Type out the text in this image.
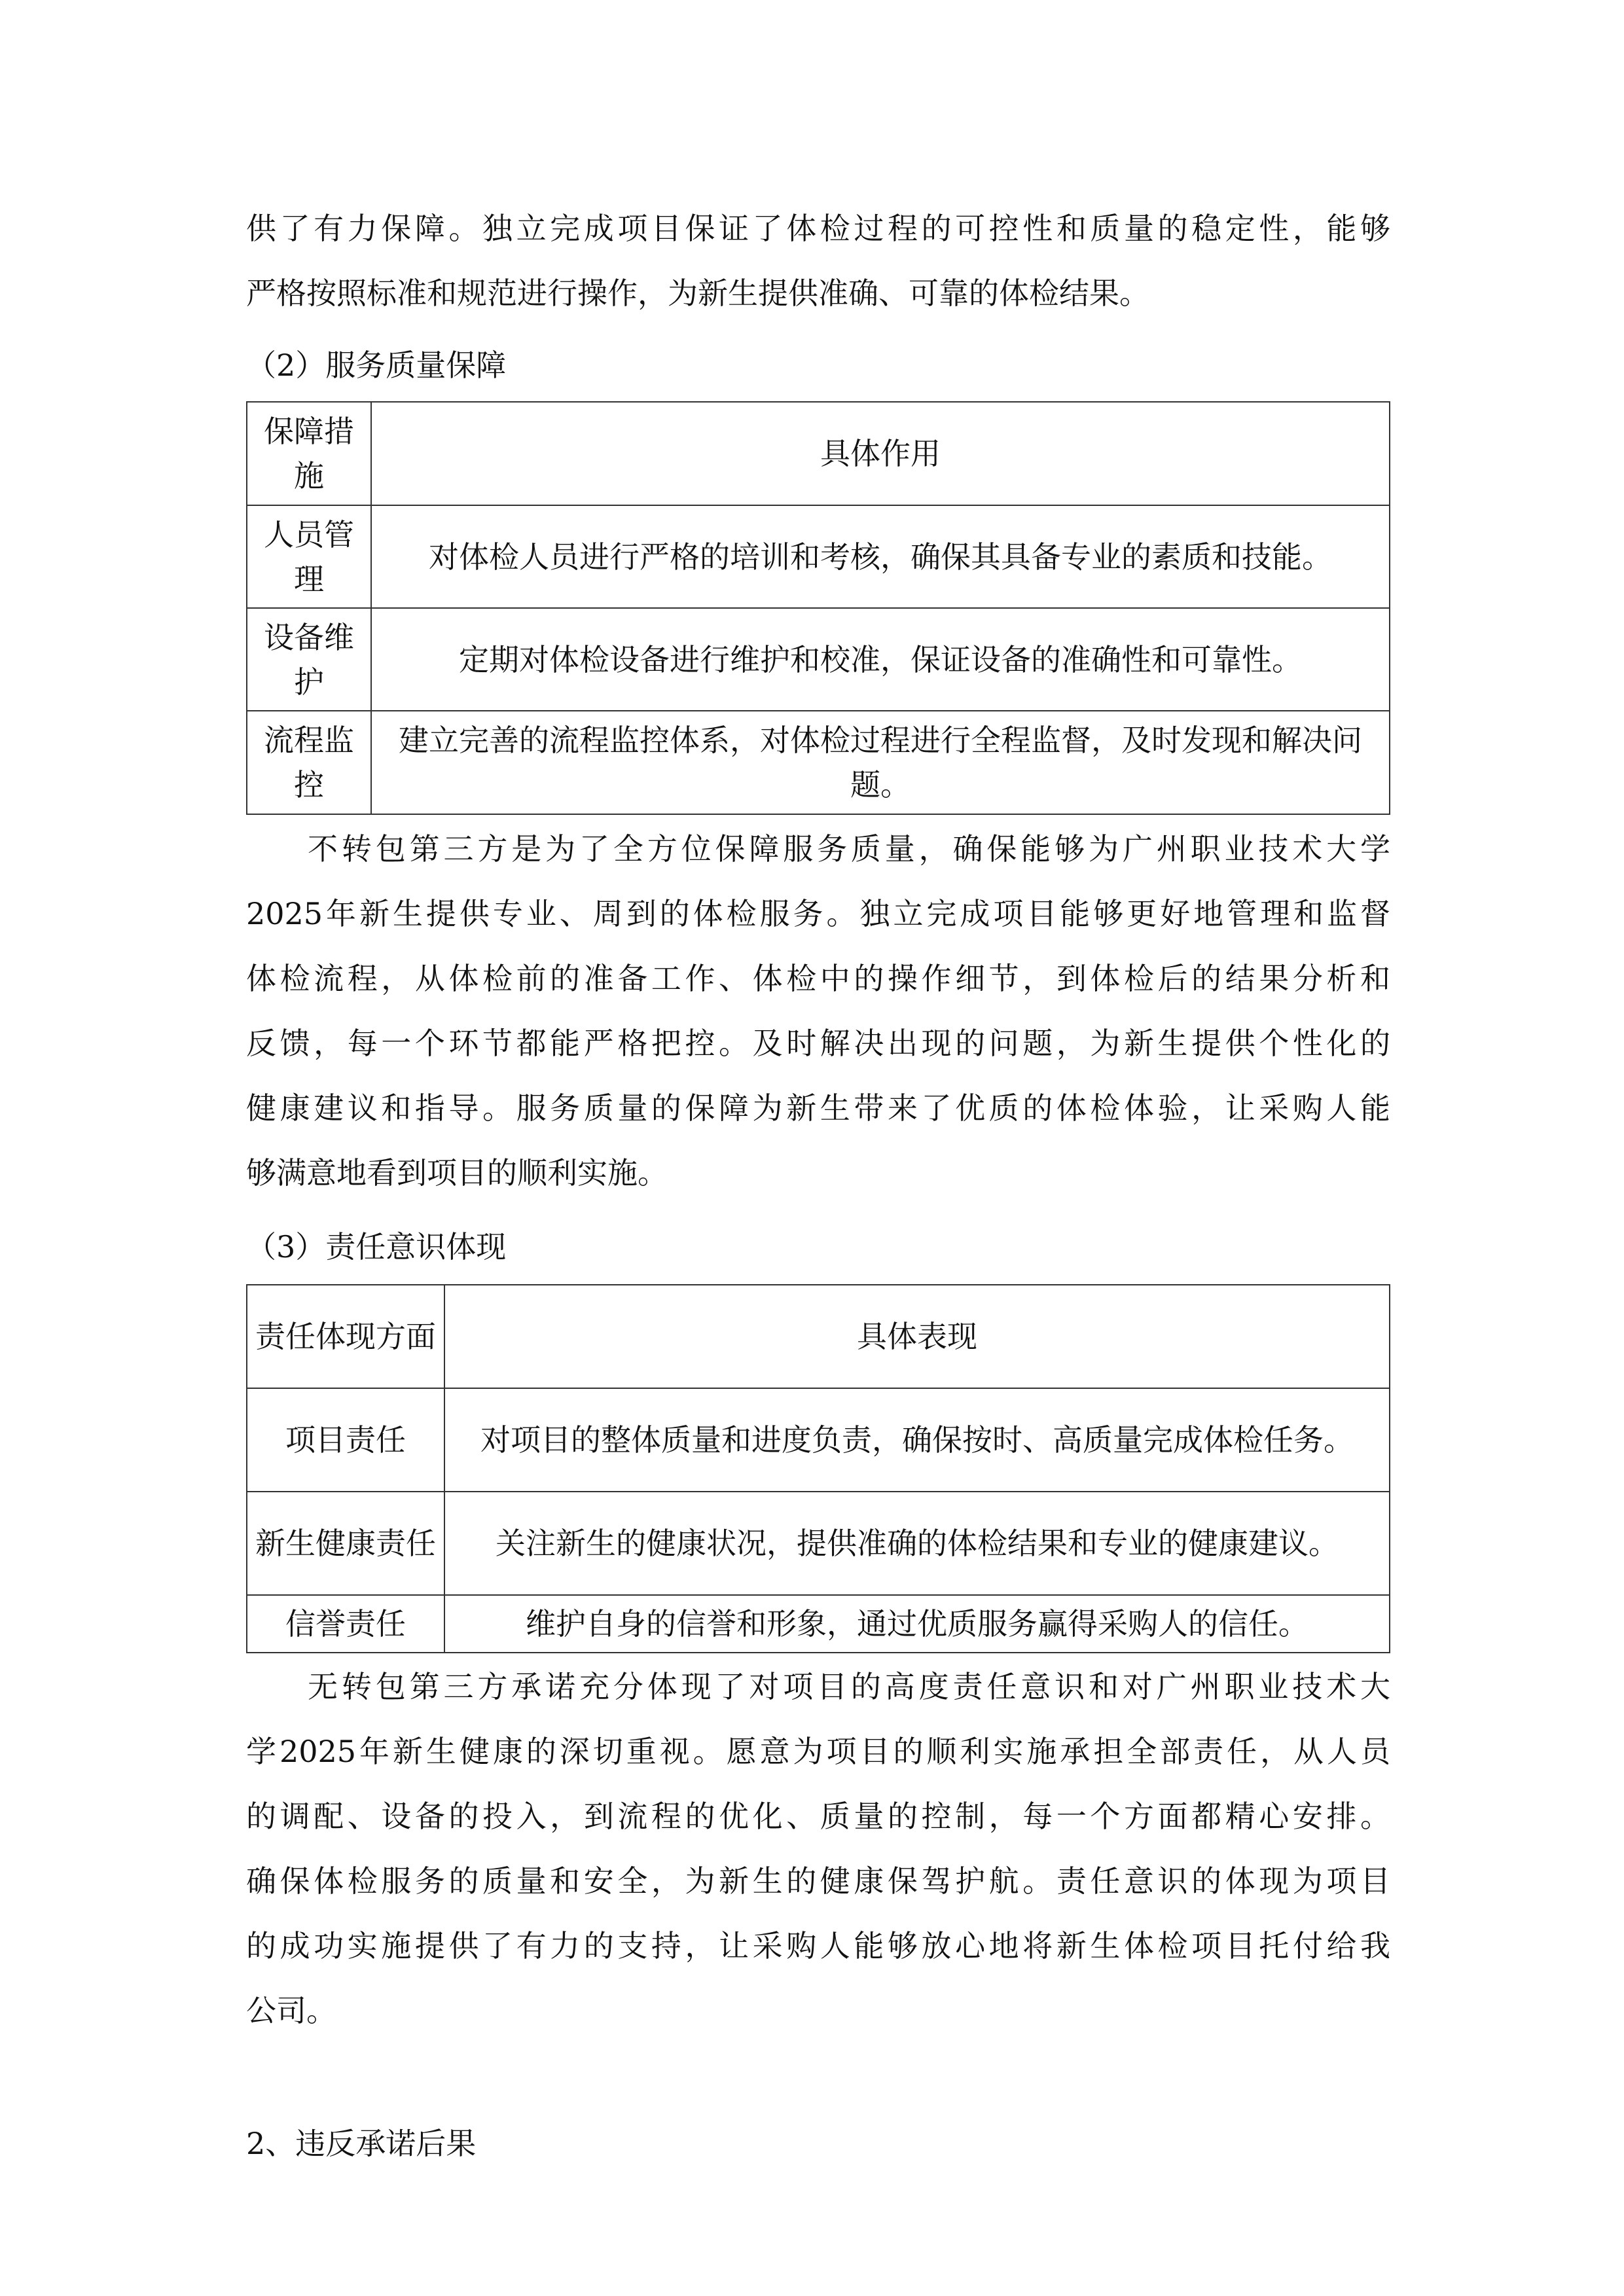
供了有力保障。独立完成项目保证了体检过程的可控性和质量的稳定性，能够
严格按照标准和规范进行操作，为新生提供准确、可靠的体检结果。
（2）服务质量保障
保障措施	具体作用
人员管理	对体检人员进行严格的培训和考核，确保其具备专业的素质和技能。
设备维护	定期对体检设备进行维护和校准，保证设备的准确性和可靠性。
流程监控	建立完善的流程监控体系，对体检过程进行全程监督，及时发现和解决问题。
不转包第三方是为了全方位保障服务质量，确保能够为广州职业技术大学
2025年新生提供专业、周到的体检服务。独立完成项目能够更好地管理和监督
体检流程，从体检前的准备工作、体检中的操作细节，到体检后的结果分析和
反馈，每一个环节都能严格把控。及时解决出现的问题，为新生提供个性化的
健康建议和指导。服务质量的保障为新生带来了优质的体检体验，让采购人能
够满意地看到项目的顺利实施。
（3）责任意识体现
责任体现方面	具体表现
项目责任	对项目的整体质量和进度负责，确保按时、高质量完成体检任务。
新生健康责任	关注新生的健康状况，提供准确的体检结果和专业的健康建议。
信誉责任	维护自身的信誉和形象，通过优质服务赢得采购人的信任。
无转包第三方承诺充分体现了对项目的高度责任意识和对广州职业技术大
学2025年新生健康的深切重视。愿意为项目的顺利实施承担全部责任，从人员
的调配、设备的投入，到流程的优化、质量的控制，每一个方面都精心安排。
确保体检服务的质量和安全，为新生的健康保驾护航。责任意识的体现为项目
的成功实施提供了有力的支持，让采购人能够放心地将新生体检项目托付给我
公司。
2、违反承诺后果
